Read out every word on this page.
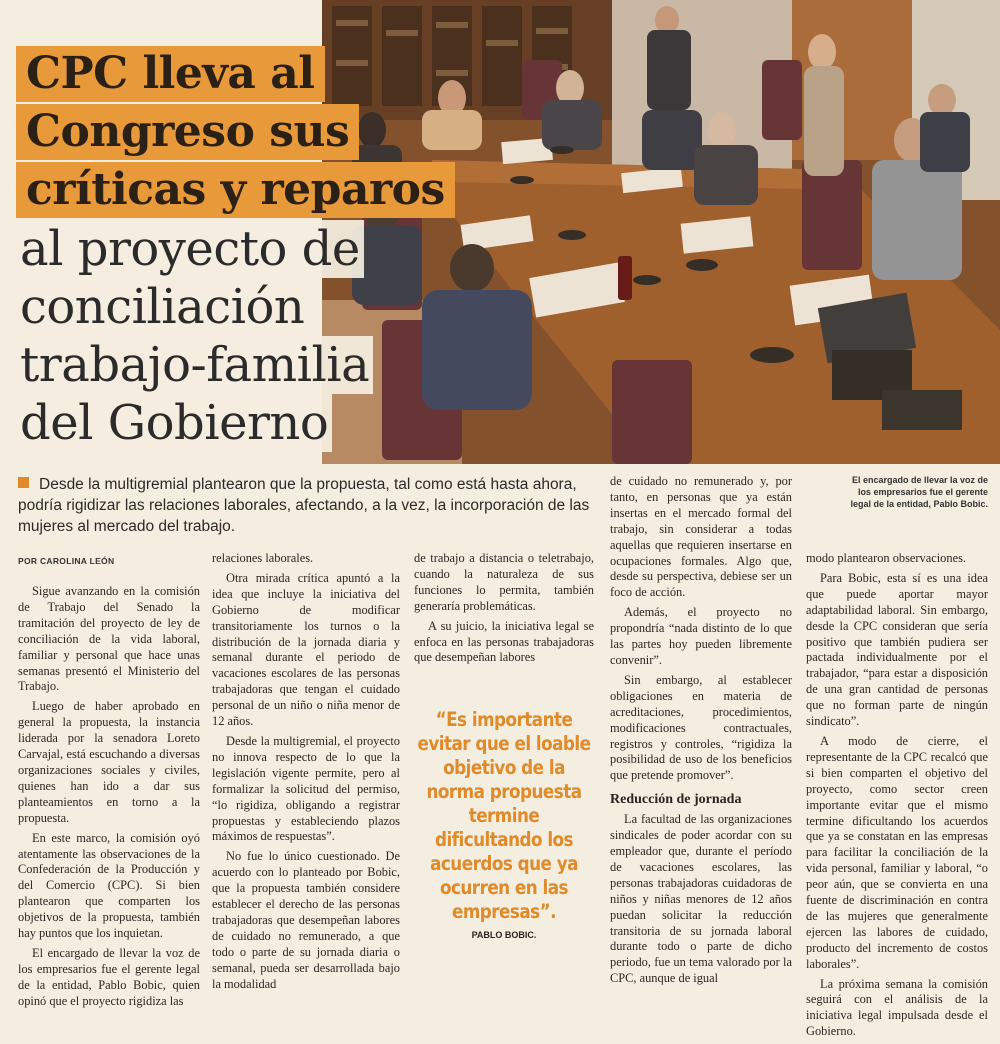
CPC lleva al
Congreso sus
críticas y reparos
al proyecto de
conciliación
trabajo-familia
del Gobierno
Desde la multigremial plantearon que la propuesta, tal como está hasta ahora, podría rigidizar las relaciones laborales, afectando, a la vez, la incorporación de las mujeres al mercado del trabajo.
El encargado de llevar la voz de los empresarios fue el gerente legal de la entidad, Pablo Bobic.
POR CAROLINA LEÓN

Sigue avanzando en la comisión de Trabajo del Senado la tramitación del proyecto de ley de conciliación de la vida laboral, familiar y personal que hace unas semanas presentó el Ministerio del Trabajo.

Luego de haber aprobado en general la propuesta, la instancia liderada por la senadora Loreto Carvajal, está escuchando a diversas organizaciones sociales y civiles, quienes han ido a dar sus planteamientos en torno a la propuesta.

En este marco, la comisión oyó atentamente las observaciones de la Confederación de la Producción y del Comercio (CPC). Si bien plantearon que comparten los objetivos de la propuesta, también hay puntos que los inquietan.

El encargado de llevar la voz de los empresarios fue el gerente legal de la entidad, Pablo Bobic, quien opinó que el proyecto rigidiza las

relaciones laborales.

Otra mirada crítica apuntó a la idea que incluye la iniciativa del Gobierno de modificar transitoriamente los turnos o la distribución de la jornada diaria y semanal durante el periodo de vacaciones escolares de las personas trabajadoras que tengan el cuidado personal de un niño o niña menor de 12 años.

Desde la multigremial, el proyecto no innova respecto de lo que la legislación vigente permite, pero al formalizar la solicitud del permiso, “lo rigidiza, obligando a registrar propuestas y estableciendo plazos máximos de respuestas”.

No fue lo único cuestionado. De acuerdo con lo planteado por Bobic, que la propuesta también considere establecer el derecho de las personas trabajadoras que desempeñan labores de cuidado no remunerado, a que todo o parte de su jornada diaria o semanal, pueda ser desarrollada bajo la modalidad

de trabajo a distancia o teletrabajo, cuando la naturaleza de sus funciones lo permita, también generaría problemáticas.

A su juicio, la iniciativa legal se enfoca en las personas trabajadoras que desempeñan labores

“Es importante evitar que el loable objetivo de la norma propuesta termine dificultando los acuerdos que ya ocurren en las empresas”.
PABLO BOBIC.

de cuidado no remunerado y, por tanto, en personas que ya están insertas en el mercado formal del trabajo, sin considerar a todas aquellas que requieren insertarse en ocupaciones formales. Algo que, desde su perspectiva, debiese ser un foco de acción.

Además, el proyecto no propondría “nada distinto de lo que las partes hoy pueden libremente convenir”.

Sin embargo, al establecer obligaciones en materia de acreditaciones, procedimientos, modificaciones contractuales, registros y controles, “rigidiza la posibilidad de uso de los beneficios que pretende promover”.

Reducción de jornada

La facultad de las organizaciones sindicales de poder acordar con su empleador que, durante el período de vacaciones escolares, las personas trabajadoras cuidadoras de niños y niñas menores de 12 años puedan solicitar la reducción transitoria de su jornada laboral durante todo o parte de dicho periodo, fue un tema valorado por la CPC, aunque de igual

modo plantearon observaciones.

Para Bobic, esta sí es una idea que puede aportar mayor adaptabilidad laboral. Sin embargo, desde la CPC consideran que sería positivo que también pudiera ser pactada individualmente por el trabajador, “para estar a disposición de una gran cantidad de personas que no forman parte de ningún sindicato”.

A modo de cierre, el representante de la CPC recalcó que si bien comparten el objetivo del proyecto, como sector creen importante evitar que el mismo termine dificultando los acuerdos que ya se constatan en las empresas para facilitar la conciliación de la vida personal, familiar y laboral, “o peor aún, que se convierta en una fuente de discriminación en contra de las mujeres que generalmente ejercen las labores de cuidado, producto del incremento de costos laborales”.

La próxima semana la comisión seguirá con el análisis de la iniciativa legal impulsada desde el Gobierno.
